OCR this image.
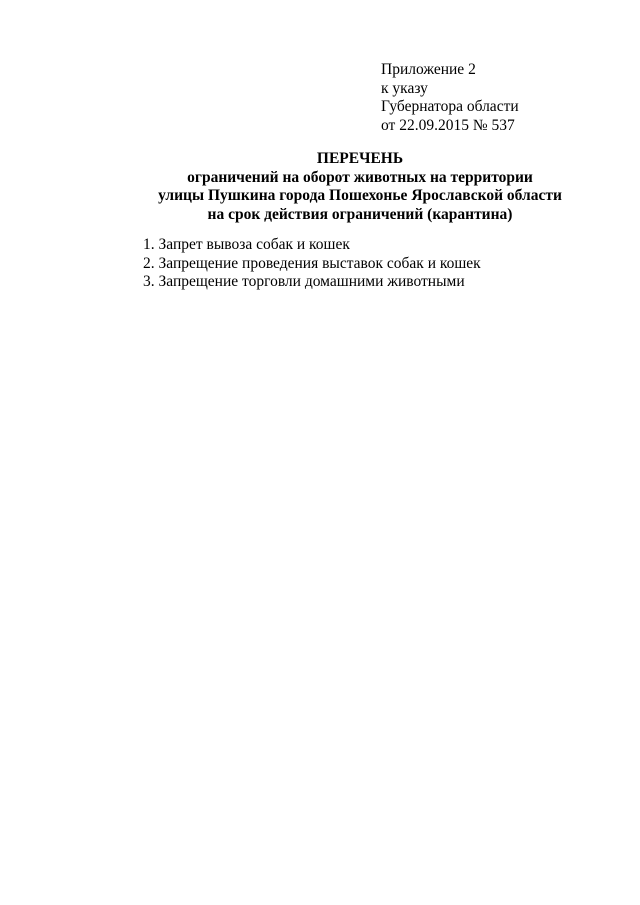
Приложение 2
к указу
Губернатора области
от 22.09.2015 № 537
ПЕРЕЧЕНЬ
ограничений на оборот животных на территории
улицы Пушкина города Пошехонье Ярославской области
на срок действия ограничений (карантина)
1. Запрет вывоза собак и кошек
2. Запрещение проведения выставок собак и кошек
3. Запрещение торговли домашними животными
